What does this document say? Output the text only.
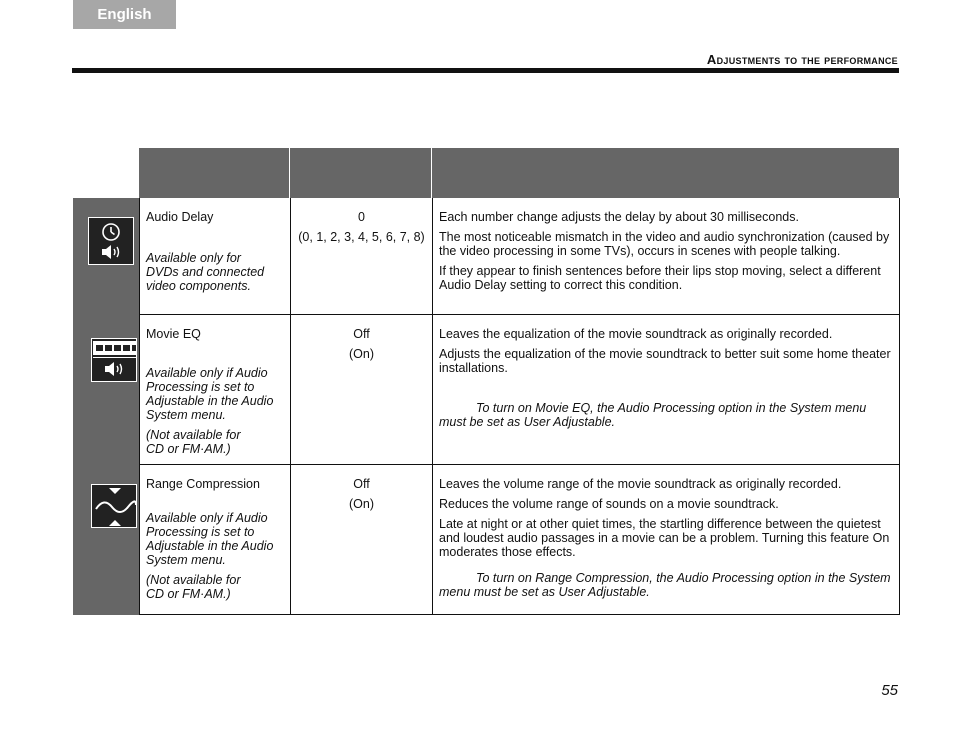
English
Adjustments to the performance
Audio Delay
Available only for DVDs and connected video components.
0
(0, 1, 2, 3, 4, 5, 6, 7, 8)

Each number change adjusts the delay by about 30 milliseconds.

The most noticeable mismatch in the video and audio synchronization (caused by the video processing in some TVs), occurs in scenes with people talking.

If they appear to finish sentences before their lips stop moving, select a different Audio Delay setting to correct this condition.

Movie EQ
Available only if Audio Processing is set to Adjustable in the Audio System menu.
(Not available for CD or FM·AM.)
Off
(On)

Leaves the equalization of the movie soundtrack as originally recorded.

Adjusts the equalization of the movie soundtrack to better suit some home theater installations.

To turn on Movie EQ, the Audio Processing option in the System menu must be set as User Adjustable.

Range Compression
Available only if Audio Processing is set to Adjustable in the Audio System menu.
(Not available for CD or FM·AM.)
Off
(On)

Leaves the volume range of the movie soundtrack as originally recorded.

Reduces the volume range of sounds on a movie soundtrack.

Late at night or at other quiet times, the startling difference between the quietest and loudest audio passages in a movie can be a problem. Turning this feature On moderates those effects.

To turn on Range Compression, the Audio Processing option in the System menu must be set as User Adjustable.

55
